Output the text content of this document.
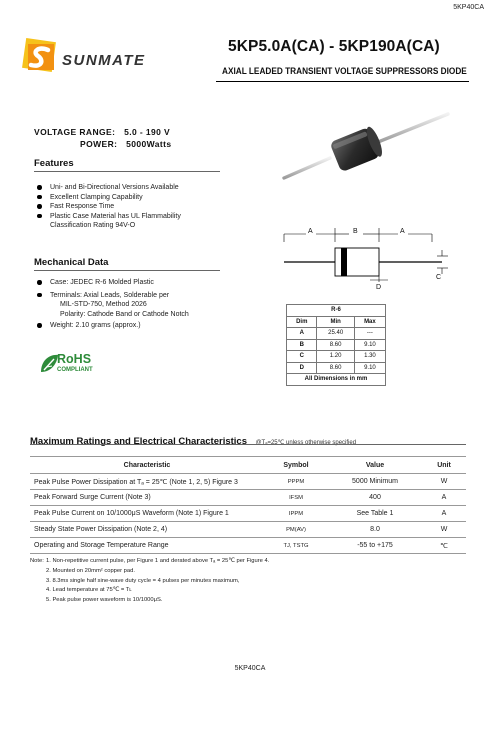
5KP40CA
SUNMATE
5KP5.0A(CA) - 5KP190A(CA)
AXIAL LEADED TRANSIENT VOLTAGE SUPPRESSORS DIODE
VOLTAGE RANGE: 5.0 - 190 V
POWER: 5000Watts
Features
Uni- and Bi-Directional Versions Available
Excellent Clamping Capability
Fast Response Time
Plastic Case Material has UL Flammability
Classification Rating 94V-O
Mechanical Data
Case: JEDEC R-6 Molded Plastic
Terminals: Axial Leads, Solderable per
MIL-STD-750, Method 2026
Polarity: Cathode Band or Cathode Notch
Weight: 2.10 grams (approx.)
RoHS
COMPLIANT
A	B	A
C
D
R-6		
Dim	Min	Max
A	25.40	---
B	8.60	9.10
C	1.20	1.30
D	8.60	9.10
All Dimensions in mm		
Maximum Ratings and Electrical Characteristics @Tₐ=25℃ unless otherwise specified
Characteristic	Symbol	Value	Unit
Peak Pulse Power Dissipation at Tₐ = 25℃ (Note 1, 2, 5) Figure 3	PPPM	5000 Minimum	W
Peak Forward Surge Current (Note 3)	IFSM	400	A
Peak Pulse Current on 10/1000μS Waveform (Note 1) Figure 1	IPPM	See Table 1	A
Steady State Power Dissipation (Note 2, 4)	PM(AV)	8.0	W
Operating and Storage Temperature Range	TJ, TSTG	-55 to +175	℃
Note: 1. Non-repetitive current pulse, per Figure 1 and derated above Tₐ = 25℃ per Figure 4.
2. Mounted on 20mm² copper pad.
3. 8.3ms single half sine-wave duty cycle = 4 pulses per minutes maximum,
4. Lead temperature at 75℃ = Tʟ
5. Peak pulse power waveform is 10/1000μS.
5KP40CA
